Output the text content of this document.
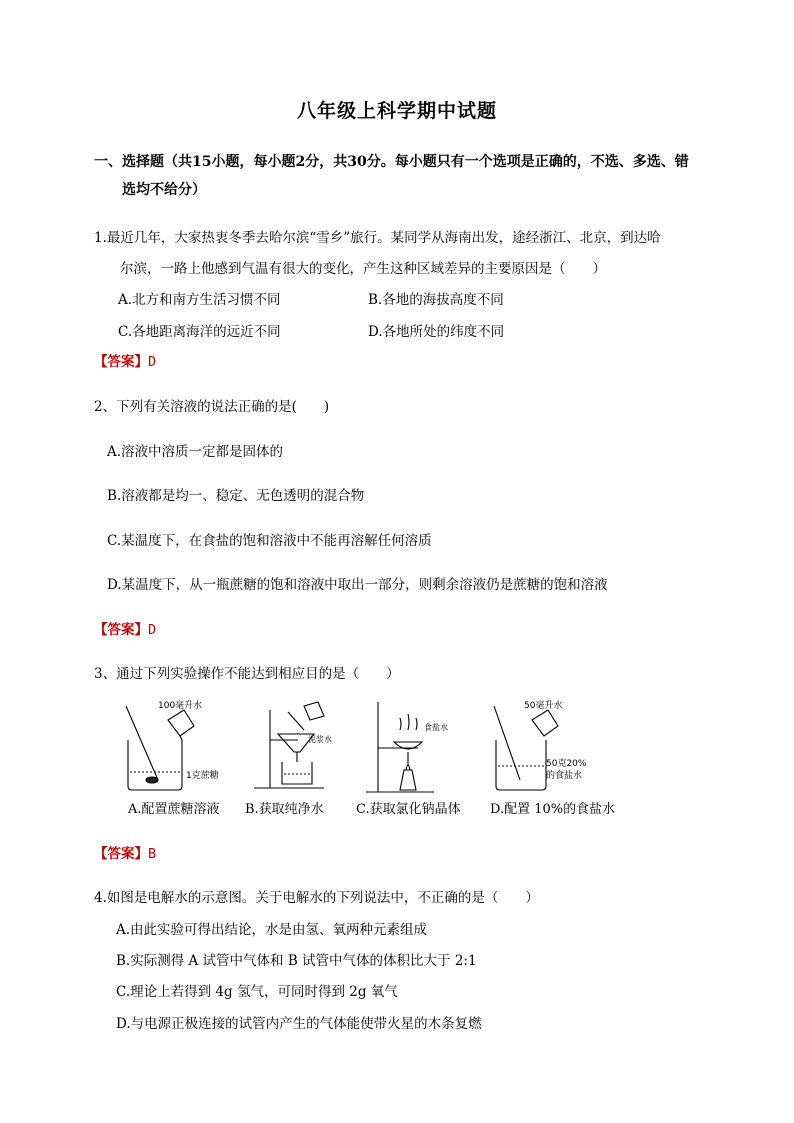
八年级上科学期中试题
一、选择题（共15小题，每小题2分，共30分。每小题只有一个选项是正确的，不选、多选、错
选均不给分）
1.最近几年，大家热衷冬季去哈尔滨“雪乡”旅行。某同学从海南出发，途经浙江、北京，到达哈
尔滨，一路上他感到气温有很大的变化，产生这种区域差异的主要原因是（　　）
A.北方和南方生活习惯不同	B.各地的海拔高度不同
C.各地距离海洋的远近不同	D.各地所处的纬度不同
【答案】D
2、下列有关溶液的说法正确的是(　　)
A.溶液中溶质一定都是固体的
B.溶液都是均一、稳定、无色透明的混合物
C.某温度下，在食盐的饱和溶液中不能再溶解任何溶质
D.某温度下，从一瓶蔗糖的饱和溶液中取出一部分，则剩余溶液仍是蔗糖的饱和溶液
【答案】D
3、通过下列实验操作不能达到相应目的是（　　）
100毫升水
1克蔗糖
泥浆水
食盐水
50毫升水
50克20%
的食盐水
A.配置蔗糖溶液 B.获取纯净水 C.获取氯化钠晶体 D.配置 10%的食盐水
【答案】B
4.如图是电解水的示意图。关于电解水的下列说法中，不正确的是（　　）
A.由此实验可得出结论，水是由氢、氧两种元素组成
B.实际测得 A 试管中气体和 B 试管中气体的体积比大于 2:1
C.理论上若得到 4g 氢气，可同时得到 2g 氧气
D.与电源正极连接的试管内产生的气体能使带火星的木条复燃
